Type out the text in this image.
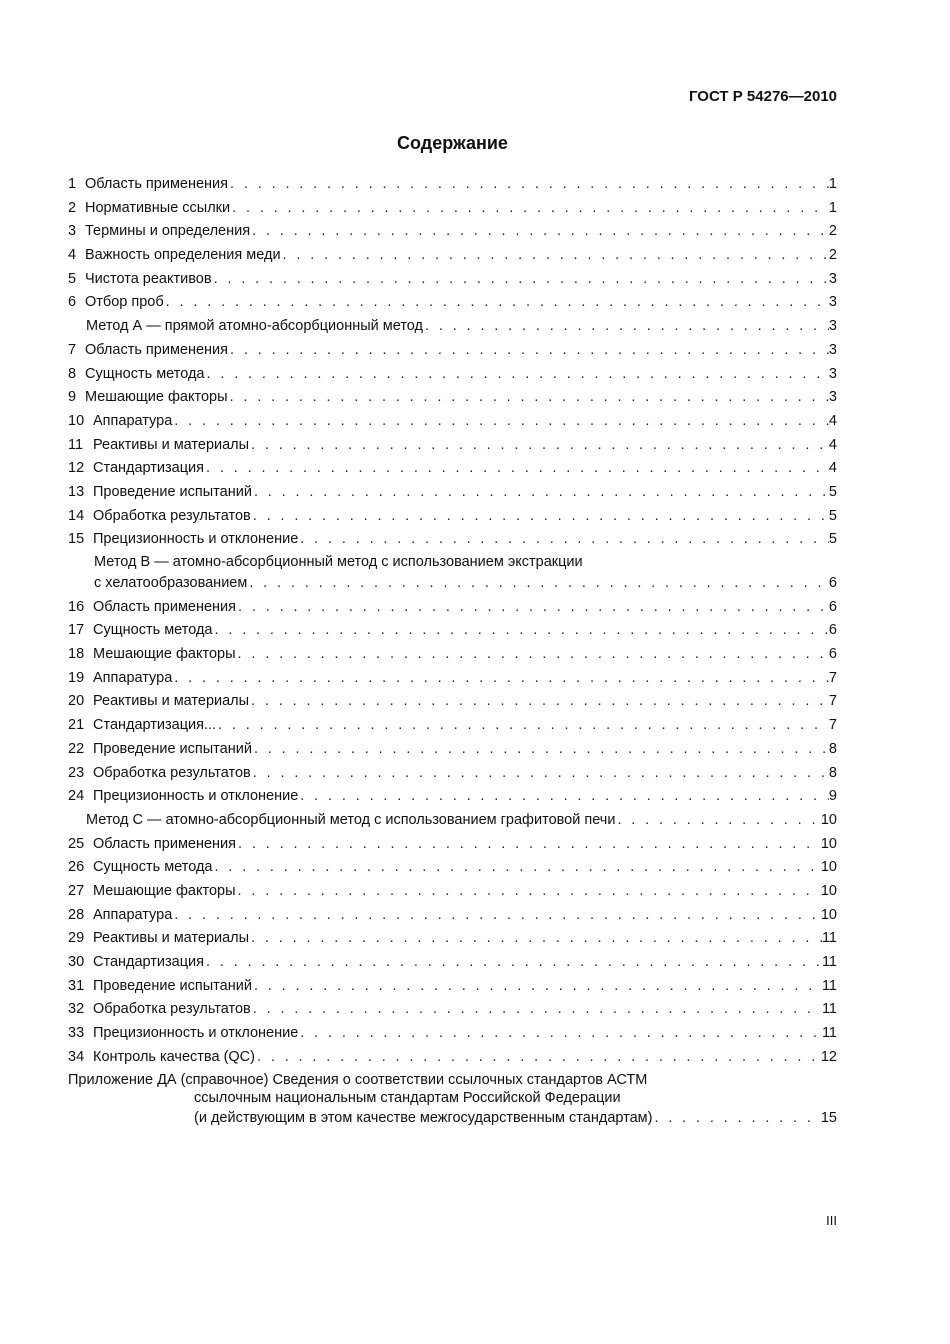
ГОСТ Р 54276—2010
Содержание
1 Область применения . . .	1
2 Нормативные ссылки . . .	1
3 Термины и определения . . .	2
4 Важность определения меди . . .	2
5 Чистота реактивов . . .	3
6 Отбор проб . . .	3
Метод А — прямой атомно-абсорбционный метод . . .	3
7 Область применения . . .	3
8 Сущность метода . . .	3
9 Мешающие факторы . . .	3
10 Аппаратура . . .	4
11 Реактивы и материалы . . .	4
12 Стандартизация . . .	4
13 Проведение испытаний . . .	5
14 Обработка результатов . . .	5
15 Прецизионность и отклонение . . .	5
Метод В — атомно-абсорбционный метод с использованием экстракции
с хелатообразованием . . .	6
16 Область применения . . .	6
17 Сущность метода . . .	6
18 Мешающие факторы . . .	6
19 Аппаратура . . .	7
20 Реактивы и материалы . . .	7
21 Стандартизация... . . .	7
22 Проведение испытаний . . .	8
23 Обработка результатов . . .	8
24 Прецизионность и отклонение . . .	9
Метод С — атомно-абсорбционный метод с использованием графитовой печи . . .	10
25 Область применения . . .	10
26 Сущность метода . . .	10
27 Мешающие факторы . . .	10
28 Аппаратура . . .	10
29 Реактивы и материалы . . .	11
30 Стандартизация . . .	11
31 Проведение испытаний . . .	11
32 Обработка результатов . . .	11
33 Прецизионность и отклонение . . .	11
34 Контроль качества (QC) . . .	12
Приложение ДА (справочное) Сведения о соответствии ссылочных стандартов АСТМ
ссылочным национальным стандартам Российской Федерации
(и действующим в этом качестве межгосударственным стандартам) . . .	15
III
